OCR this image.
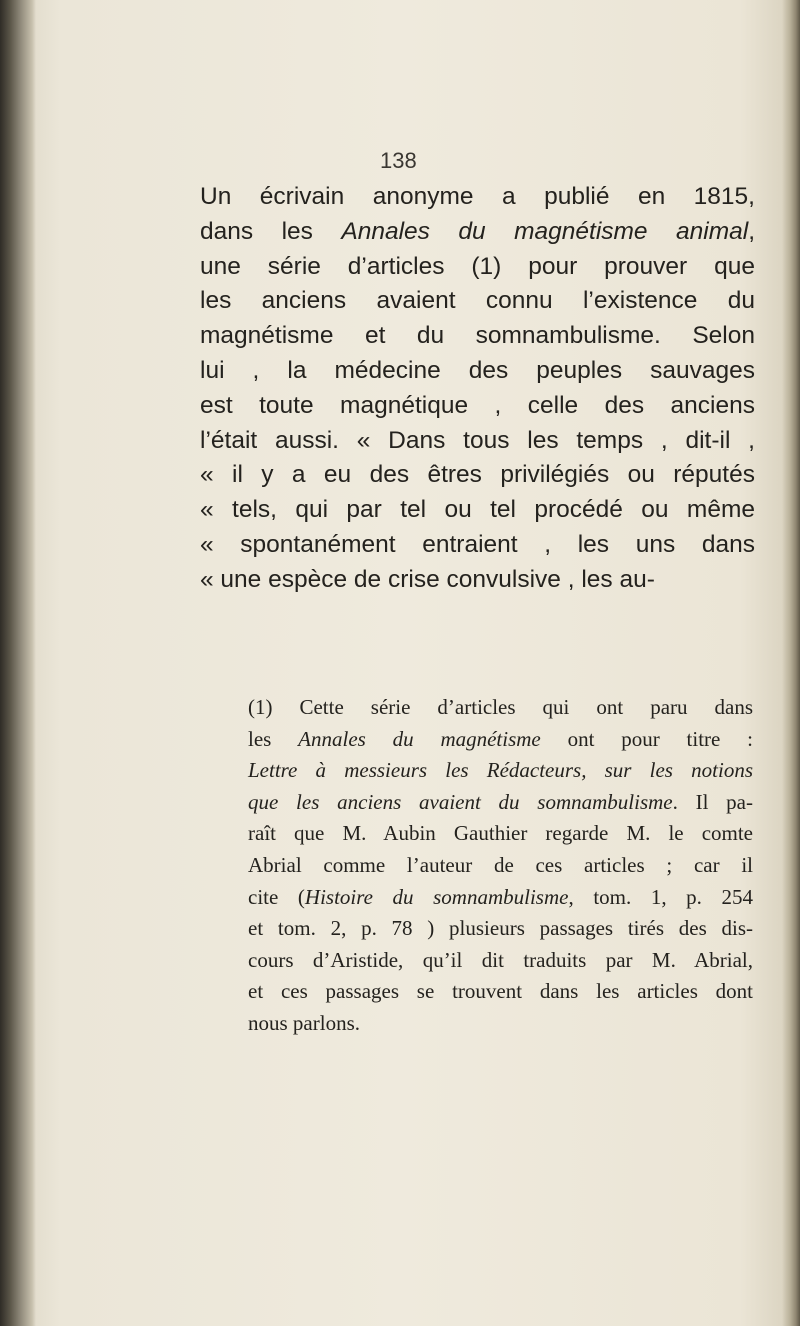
138
Un écrivain anonyme a publié en 1815,
dans les Annales du magnétisme animal,
une série d’articles (1) pour prouver que
les anciens avaient connu l’existence du
magnétisme et du somnambulisme. Selon
lui , la médecine des peuples sauvages
est toute magnétique , celle des anciens
l’était aussi. « Dans tous les temps , dit-il ,
« il y a eu des êtres privilégiés ou réputés
« tels, qui par tel ou tel procédé ou même
« spontanément entraient , les uns dans
« une espèce de crise convulsive , les au-
(1) Cette série d’articles qui ont paru dans
les Annales du magnétisme ont pour titre :
Lettre à messieurs les Rédacteurs, sur les notions
que les anciens avaient du somnambulisme. Il pa-
raît que M. Aubin Gauthier regarde M. le comte
Abrial comme l’auteur de ces articles ; car il
cite (Histoire du somnambulisme, tom. 1, p. 254
et tom. 2, p. 78 ) plusieurs passages tirés des dis-
cours d’Aristide, qu’il dit traduits par M. Abrial,
et ces passages se trouvent dans les articles dont
nous parlons.
